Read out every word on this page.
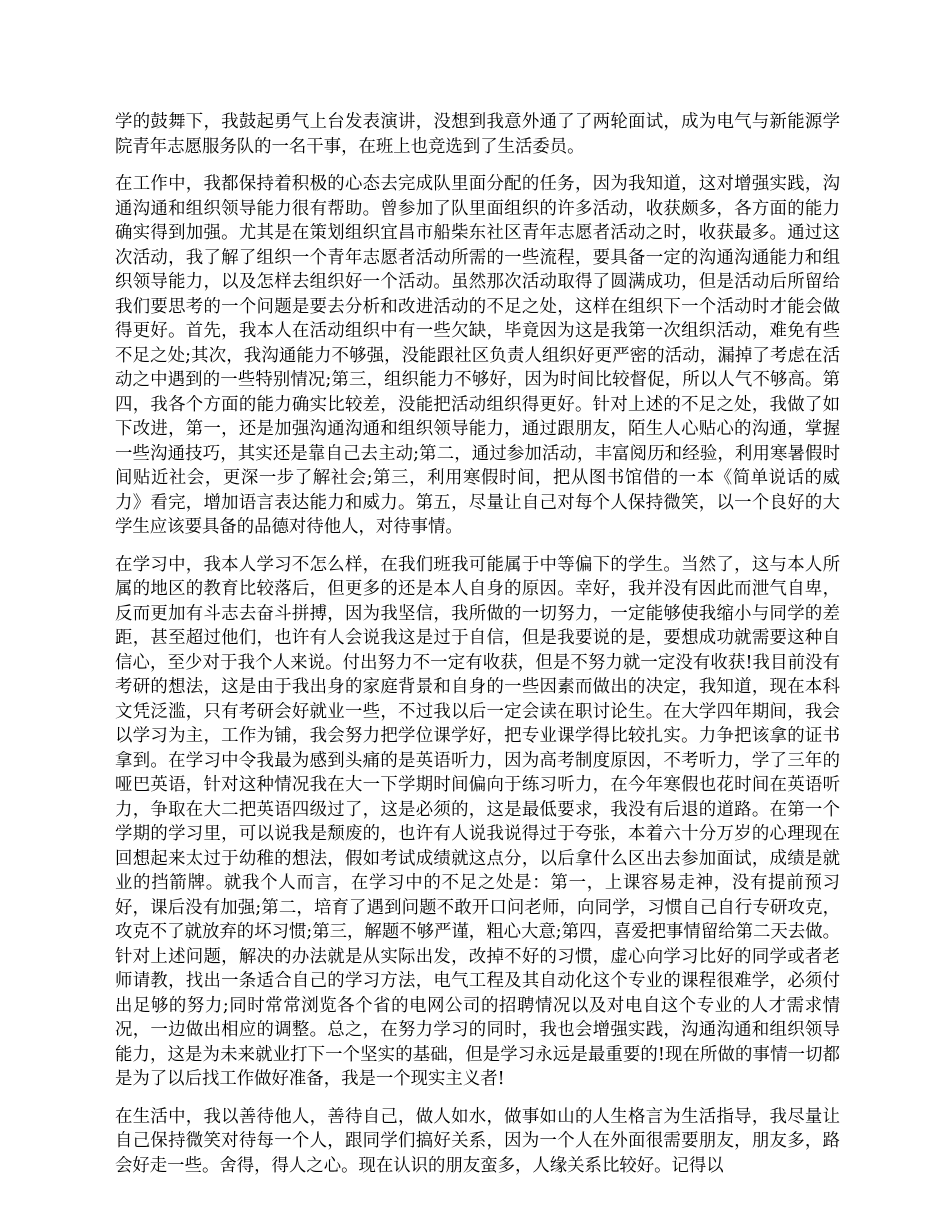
学的鼓舞下，我鼓起勇气上台发表演讲，没想到我意外通了了两轮面试，成为电气与新能源学院青年志愿服务队的一名干事，在班上也竞选到了生活委员。

在工作中，我都保持着积极的心态去完成队里面分配的任务，因为我知道，这对增强实践，沟通沟通和组织领导能力很有帮助。曾参加了队里面组织的许多活动，收获颇多，各方面的能力确实得到加强。尤其是在策划组织宜昌市船柴东社区青年志愿者活动之时，收获最多。通过这次活动，我了解了组织一个青年志愿者活动所需的一些流程，要具备一定的沟通沟通能力和组织领导能力，以及怎样去组织好一个活动。虽然那次活动取得了圆满成功，但是活动后所留给我们要思考的一个问题是要去分析和改进活动的不足之处，这样在组织下一个活动时才能会做得更好。首先，我本人在活动组织中有一些欠缺，毕竟因为这是我第一次组织活动，难免有些不足之处;其次，我沟通能力不够强，没能跟社区负责人组织好更严密的活动，漏掉了考虑在活动之中遇到的一些特别情况;第三，组织能力不够好，因为时间比较督促，所以人气不够高。第四，我各个方面的能力确实比较差，没能把活动组织得更好。针对上述的不足之处，我做了如下改进，第一，还是加强沟通沟通和组织领导能力，通过跟朋友，陌生人心贴心的沟通，掌握一些沟通技巧，其实还是靠自己去主动;第二，通过参加活动，丰富阅历和经验，利用寒暑假时间贴近社会，更深一步了解社会;第三，利用寒假时间，把从图书馆借的一本《简单说话的威力》看完，增加语言表达能力和威力。第五，尽量让自己对每个人保持微笑，以一个良好的大学生应该要具备的品德对待他人，对待事情。

在学习中，我本人学习不怎么样，在我们班我可能属于中等偏下的学生。当然了，这与本人所属的地区的教育比较落后，但更多的还是本人自身的原因。幸好，我并没有因此而泄气自卑，反而更加有斗志去奋斗拼搏，因为我坚信，我所做的一切努力，一定能够使我缩小与同学的差距，甚至超过他们，也许有人会说我这是过于自信，但是我要说的是，要想成功就需要这种自信心，至少对于我个人来说。付出努力不一定有收获，但是不努力就一定没有收获!我目前没有考研的想法，这是由于我出身的家庭背景和自身的一些因素而做出的决定，我知道，现在本科文凭泛滥，只有考研会好就业一些，不过我以后一定会读在职讨论生。在大学四年期间，我会以学习为主，工作为铺，我会努力把学位课学好，把专业课学得比较扎实。力争把该拿的证书拿到。在学习中令我最为感到头痛的是英语听力，因为高考制度原因，不考听力，学了三年的哑巴英语，针对这种情况我在大一下学期时间偏向于练习听力，在今年寒假也花时间在英语听力，争取在大二把英语四级过了，这是必须的，这是最低要求，我没有后退的道路。在第一个学期的学习里，可以说我是颓废的，也许有人说我说得过于夸张，本着六十分万岁的心理现在回想起来太过于幼稚的想法，假如考试成绩就这点分，以后拿什么区出去参加面试，成绩是就业的挡箭牌。就我个人而言，在学习中的不足之处是：第一，上课容易走神，没有提前预习好，课后没有加强;第二，培育了遇到问题不敢开口问老师，向同学，习惯自己自行专研攻克，攻克不了就放弃的坏习惯;第三，解题不够严谨，粗心大意;第四，喜爱把事情留给第二天去做。针对上述问题，解决的办法就是从实际出发，改掉不好的习惯，虚心向学习比好的同学或者老师请教，找出一条适合自己的学习方法，电气工程及其自动化这个专业的课程很难学，必须付出足够的努力;同时常常浏览各个省的电网公司的招聘情况以及对电自这个专业的人才需求情况，一边做出相应的调整。总之，在努力学习的同时，我也会增强实践，沟通沟通和组织领导能力，这是为未来就业打下一个坚实的基础，但是学习永远是最重要的!现在所做的事情一切都是为了以后找工作做好准备，我是一个现实主义者!

在生活中，我以善待他人，善待自己，做人如水，做事如山的人生格言为生活指导，我尽量让自己保持微笑对待每一个人，跟同学们搞好关系，因为一个人在外面很需要朋友，朋友多，路会好走一些。舍得，得人之心。现在认识的朋友蛮多，人缘关系比较好。记得以
